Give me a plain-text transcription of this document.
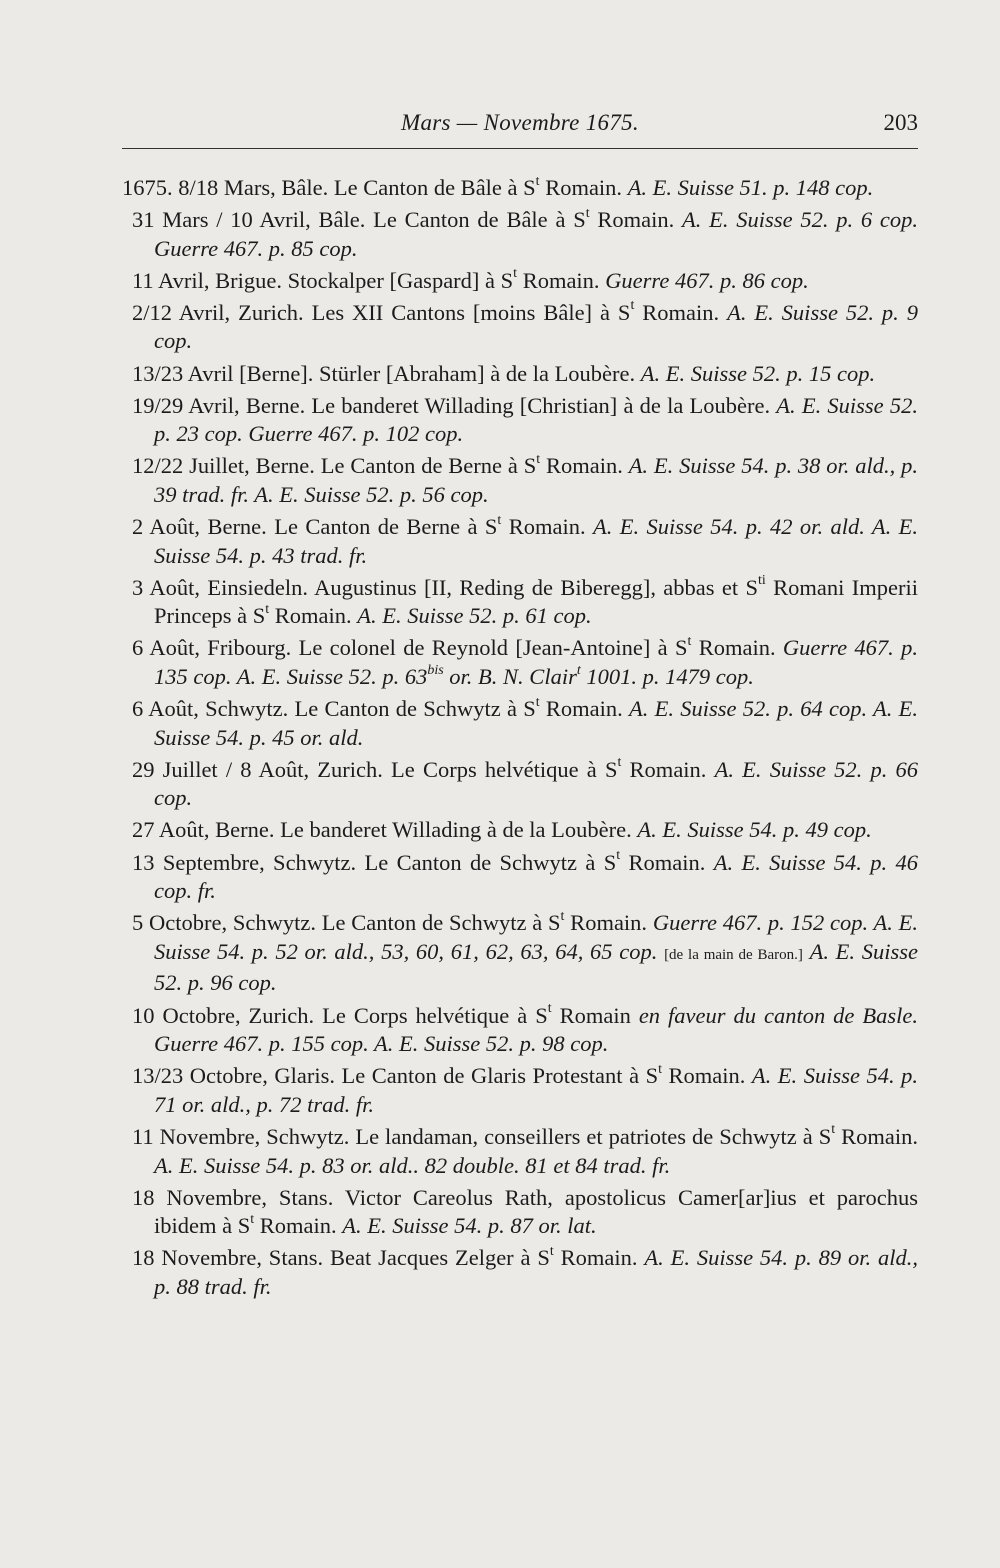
Mars — Novembre 1675.	203
1675. 8/18 Mars, Bâle. Le Canton de Bâle à $S^t$ Romain. A. E. Suisse 51. p. 148 cop.
31 Mars / 10 Avril, Bâle. Le Canton de Bâle à $S^t$ Romain. A. E. Suisse 52. p. 6 cop. Guerre 467. p. 85 cop.
11 Avril, Brigue. Stockalper [Gaspard] à $S^t$ Romain. Guerre 467. p. 86 cop.
2/12 Avril, Zurich. Les XII Cantons [moins Bâle] à $S^t$ Romain. A. E. Suisse 52. p. 9 cop.
13/23 Avril [Berne]. Stürler [Abraham] à de la Loubère. A. E. Suisse 52. p. 15 cop.
19/29 Avril, Berne. Le banderet Willading [Christian] à de la Loubère. A. E. Suisse 52. p. 23 cop. Guerre 467. p. 102 cop.
12/22 Juillet, Berne. Le Canton de Berne à $S^t$ Romain. A. E. Suisse 54. p. 38 or. ald., p. 39 trad. fr. A. E. Suisse 52. p. 56 cop.
2 Août, Berne. Le Canton de Berne à $S^t$ Romain. A. E. Suisse 54. p. 42 or. ald. A. E. Suisse 54. p. 43 trad. fr.
3 Août, Einsiedeln. Augustinus [II, Reding de Biberegg], abbas et $S^{ti}$ Romani Imperii Princeps à $S^t$ Romain. A. E. Suisse 52. p. 61 cop.
6 Août, Fribourg. Le colonel de Reynold [Jean-Antoine] à $S^t$ Romain. Guerre 467. p. 135 cop. A. E. Suisse 52. p. $63^{bis}$ or. B. N. Clair$^t$ 1001. p. 1479 cop.
6 Août, Schwytz. Le Canton de Schwytz à $S^t$ Romain. A. E. Suisse 52. p. 64 cop. A. E. Suisse 54. p. 45 or. ald.
29 Juillet / 8 Août, Zurich. Le Corps helvétique à $S^t$ Romain. A. E. Suisse 52. p. 66 cop.
27 Août, Berne. Le banderet Willading à de la Loubère. A. E. Suisse 54. p. 49 cop.
13 Septembre, Schwytz. Le Canton de Schwytz à $S^t$ Romain. A. E. Suisse 54. p. 46 cop. fr.
5 Octobre, Schwytz. Le Canton de Schwytz à $S^t$ Romain. Guerre 467. p. 152 cop. A. E. Suisse 54. p. 52 or. ald., 53, 60, 61, 62, 63, 64, 65 cop. [de la main de Baron.] A. E. Suisse 52. p. 96 cop.
10 Octobre, Zurich. Le Corps helvétique à $S^t$ Romain en faveur du canton de Basle. Guerre 467. p. 155 cop. A. E. Suisse 52. p. 98 cop.
13/23 Octobre, Glaris. Le Canton de Glaris Protestant à $S^t$ Romain. A. E. Suisse 54. p. 71 or. ald., p. 72 trad. fr.
11 Novembre, Schwytz. Le landaman, conseillers et patriotes de Schwytz à $S^t$ Romain. A. E. Suisse 54. p. 83 or. ald.. 82 double. 81 et 84 trad. fr.
18 Novembre, Stans. Victor Careolus Rath, apostolicus Camer[ar]ius et parochus ibidem à $S^t$ Romain. A. E. Suisse 54. p. 87 or. lat.
18 Novembre, Stans. Beat Jacques Zelger à $S^t$ Romain. A. E. Suisse 54. p. 89 or. ald., p. 88 trad. fr.
